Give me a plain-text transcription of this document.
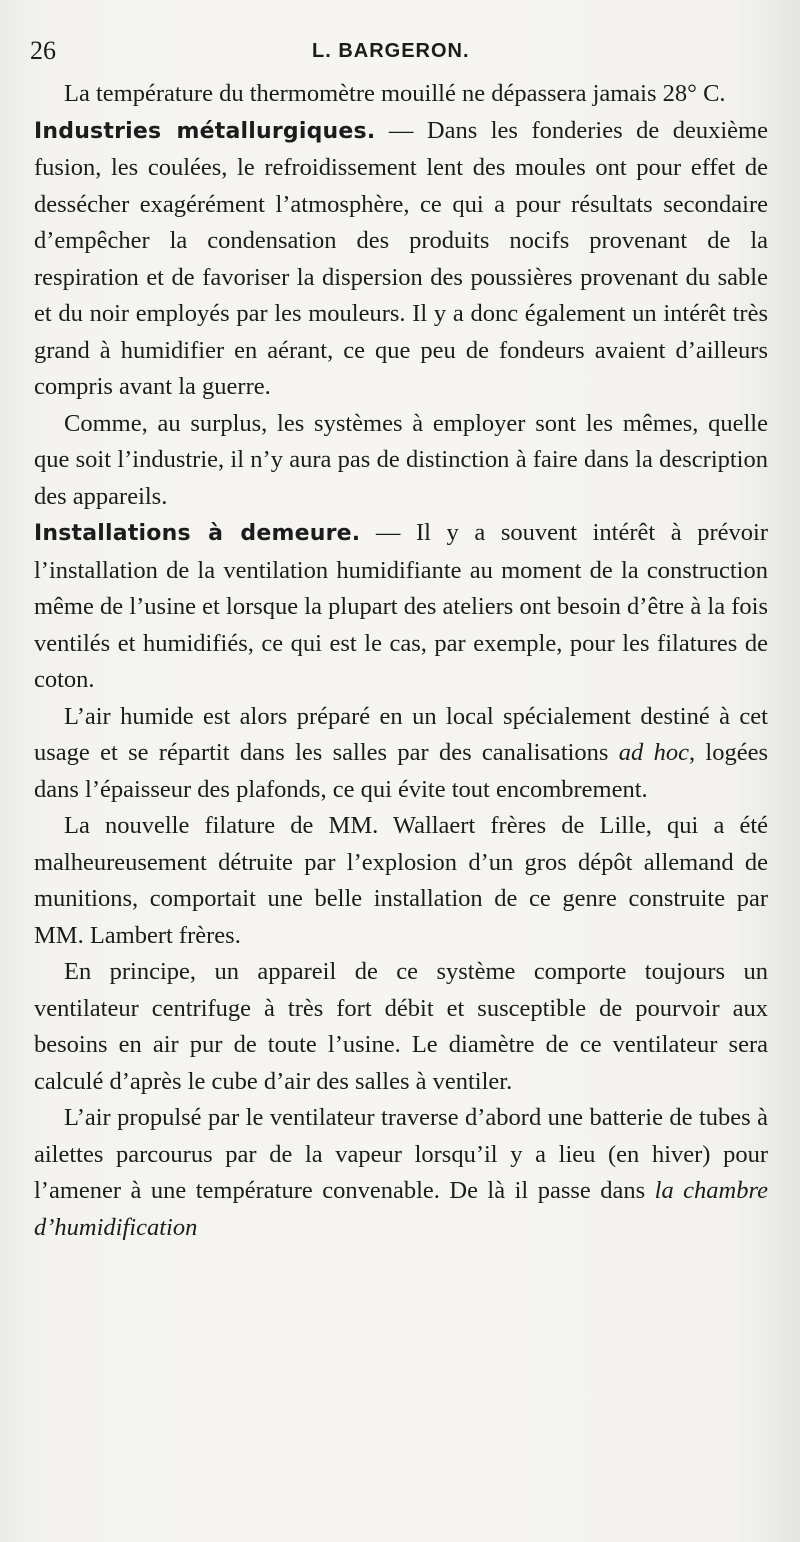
26	L. BARGERON.

La température du thermomètre mouillé ne dépassera jamais 28° C.

Industries métallurgiques. — Dans les fonderies de deuxième fusion, les coulées, le refroidissement lent des moules ont pour effet de dessécher exagérément l’atmosphère, ce qui a pour résultats secondaire d’empêcher la condensation des produits nocifs provenant de la respiration et de favoriser la dispersion des poussières provenant du sable et du noir employés par les mouleurs. Il y a donc également un intérêt très grand à humidifier en aérant, ce que peu de fondeurs avaient d’ailleurs compris avant la guerre.

Comme, au surplus, les systèmes à employer sont les mêmes, quelle que soit l’industrie, il n’y aura pas de distinction à faire dans la description des appareils.

Installations à demeure. — Il y a souvent intérêt à prévoir l’installation de la ventilation humidifiante au moment de la construction même de l’usine et lorsque la plupart des ateliers ont besoin d’être à la fois ventilés et humidifiés, ce qui est le cas, par exemple, pour les filatures de coton.

L’air humide est alors préparé en un local spécialement destiné à cet usage et se répartit dans les salles par des canalisations ad hoc, logées dans l’épaisseur des plafonds, ce qui évite tout encombrement.

La nouvelle filature de MM. Wallaert frères de Lille, qui a été malheureusement détruite par l’explosion d’un gros dépôt allemand de munitions, comportait une belle installation de ce genre construite par MM. Lambert frères.

En principe, un appareil de ce système comporte toujours un ventilateur centrifuge à très fort débit et susceptible de pourvoir aux besoins en air pur de toute l’usine. Le diamètre de ce ventilateur sera calculé d’après le cube d’air des salles à ventiler.

L’air propulsé par le ventilateur traverse d’abord une batterie de tubes à ailettes parcourus par de la vapeur lorsqu’il y a lieu (en hiver) pour l’amener à une température convenable. De là il passe dans la chambre d’humidification
